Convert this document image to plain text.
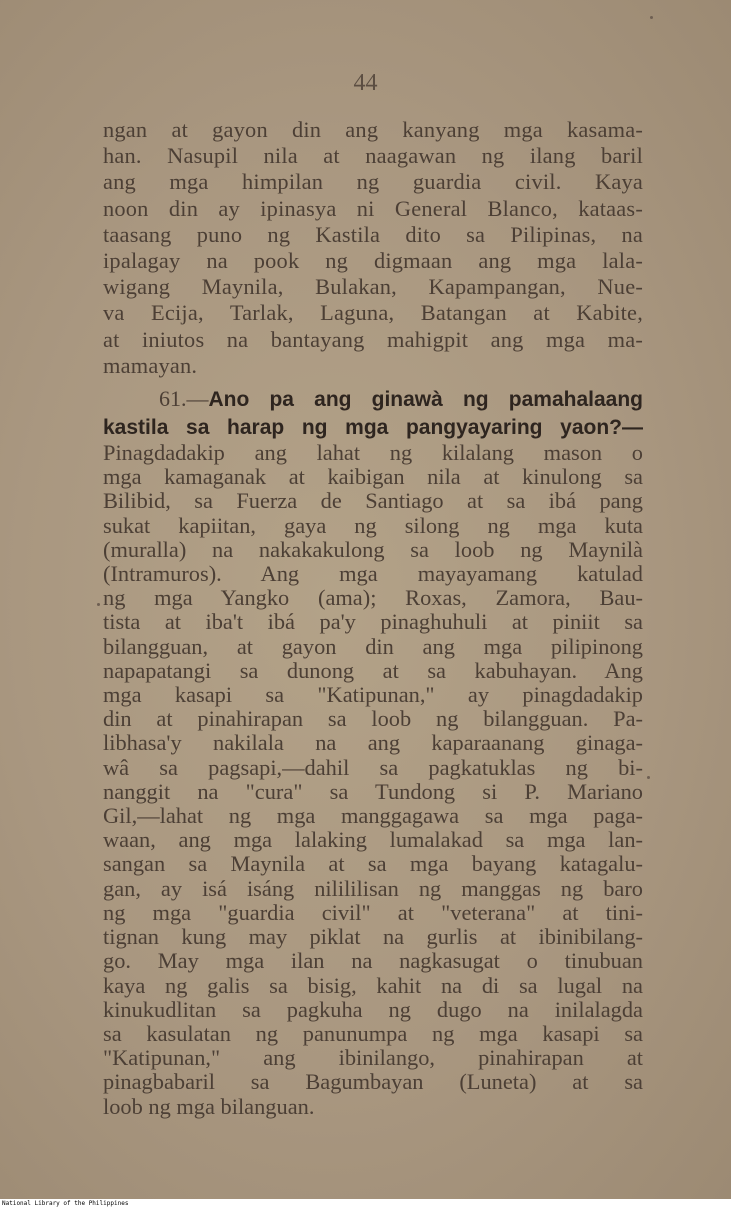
44
ngan at gayon din ang kanyang mga kasama-
han. Nasupil nila at naagawan ng ilang baril
ang mga himpilan ng guardia civil. Kaya
noon din ay ipinasya ni General Blanco, kataas-
taasang puno ng Kastila dito sa Pilipinas, na
ipalagay na pook ng digmaan ang mga lala-
wigang Maynila, Bulakan, Kapampangan, Nue-
va Ecija, Tarlak, Laguna, Batangan at Kabite,
at iniutos na bantayang mahigpit ang mga ma-
mamayan.
61.—Ano pa ang ginawà ng pamahalaang
kastila sa harap ng mga pangyayaring yaon?—
Pinagdadakip ang lahat ng kilalang mason o
mga kamaganak at kaibigan nila at kinulong sa
Bilibid, sa Fuerza de Santiago at sa ibá pang
sukat kapiitan, gaya ng silong ng mga kuta
(muralla) na nakakakulong sa loob ng Maynilà
(Intramuros). Ang mga mayayamang katulad
ng mga Yangko (ama); Roxas, Zamora, Bau-
tista at iba't ibá pa'y pinaghuhuli at piniit sa
bilangguan, at gayon din ang mga pilipinong
napapatangi sa dunong at sa kabuhayan. Ang
mga kasapi sa "Katipunan," ay pinagdadakip
din at pinahirapan sa loob ng bilangguan. Pa-
libhasa'y nakilala na ang kaparaanang ginaga-
wâ sa pagsapi,—dahil sa pagkatuklas ng bi-
nanggit na "cura" sa Tundong si P. Mariano
Gil,—lahat ng mga manggagawa sa mga paga-
waan, ang mga lalaking lumalakad sa mga lan-
sangan sa Maynila at sa mga bayang katagalu-
gan, ay isá isáng nilililisan ng manggas ng baro
ng mga "guardia civil" at "veterana" at tini-
tignan kung may piklat na gurlis at ibinibilang-
go. May mga ilan na nagkasugat o tinubuan
kaya ng galis sa bisig, kahit na di sa lugal na
kinukudlitan sa pagkuha ng dugo na inilalagda
sa kasulatan ng panunumpa ng mga kasapi sa
"Katipunan," ang ibinilango, pinahirapan at
pinagbabaril sa Bagumbayan (Luneta) at sa
loob ng mga bilanguan.
National Library of the Philippines
